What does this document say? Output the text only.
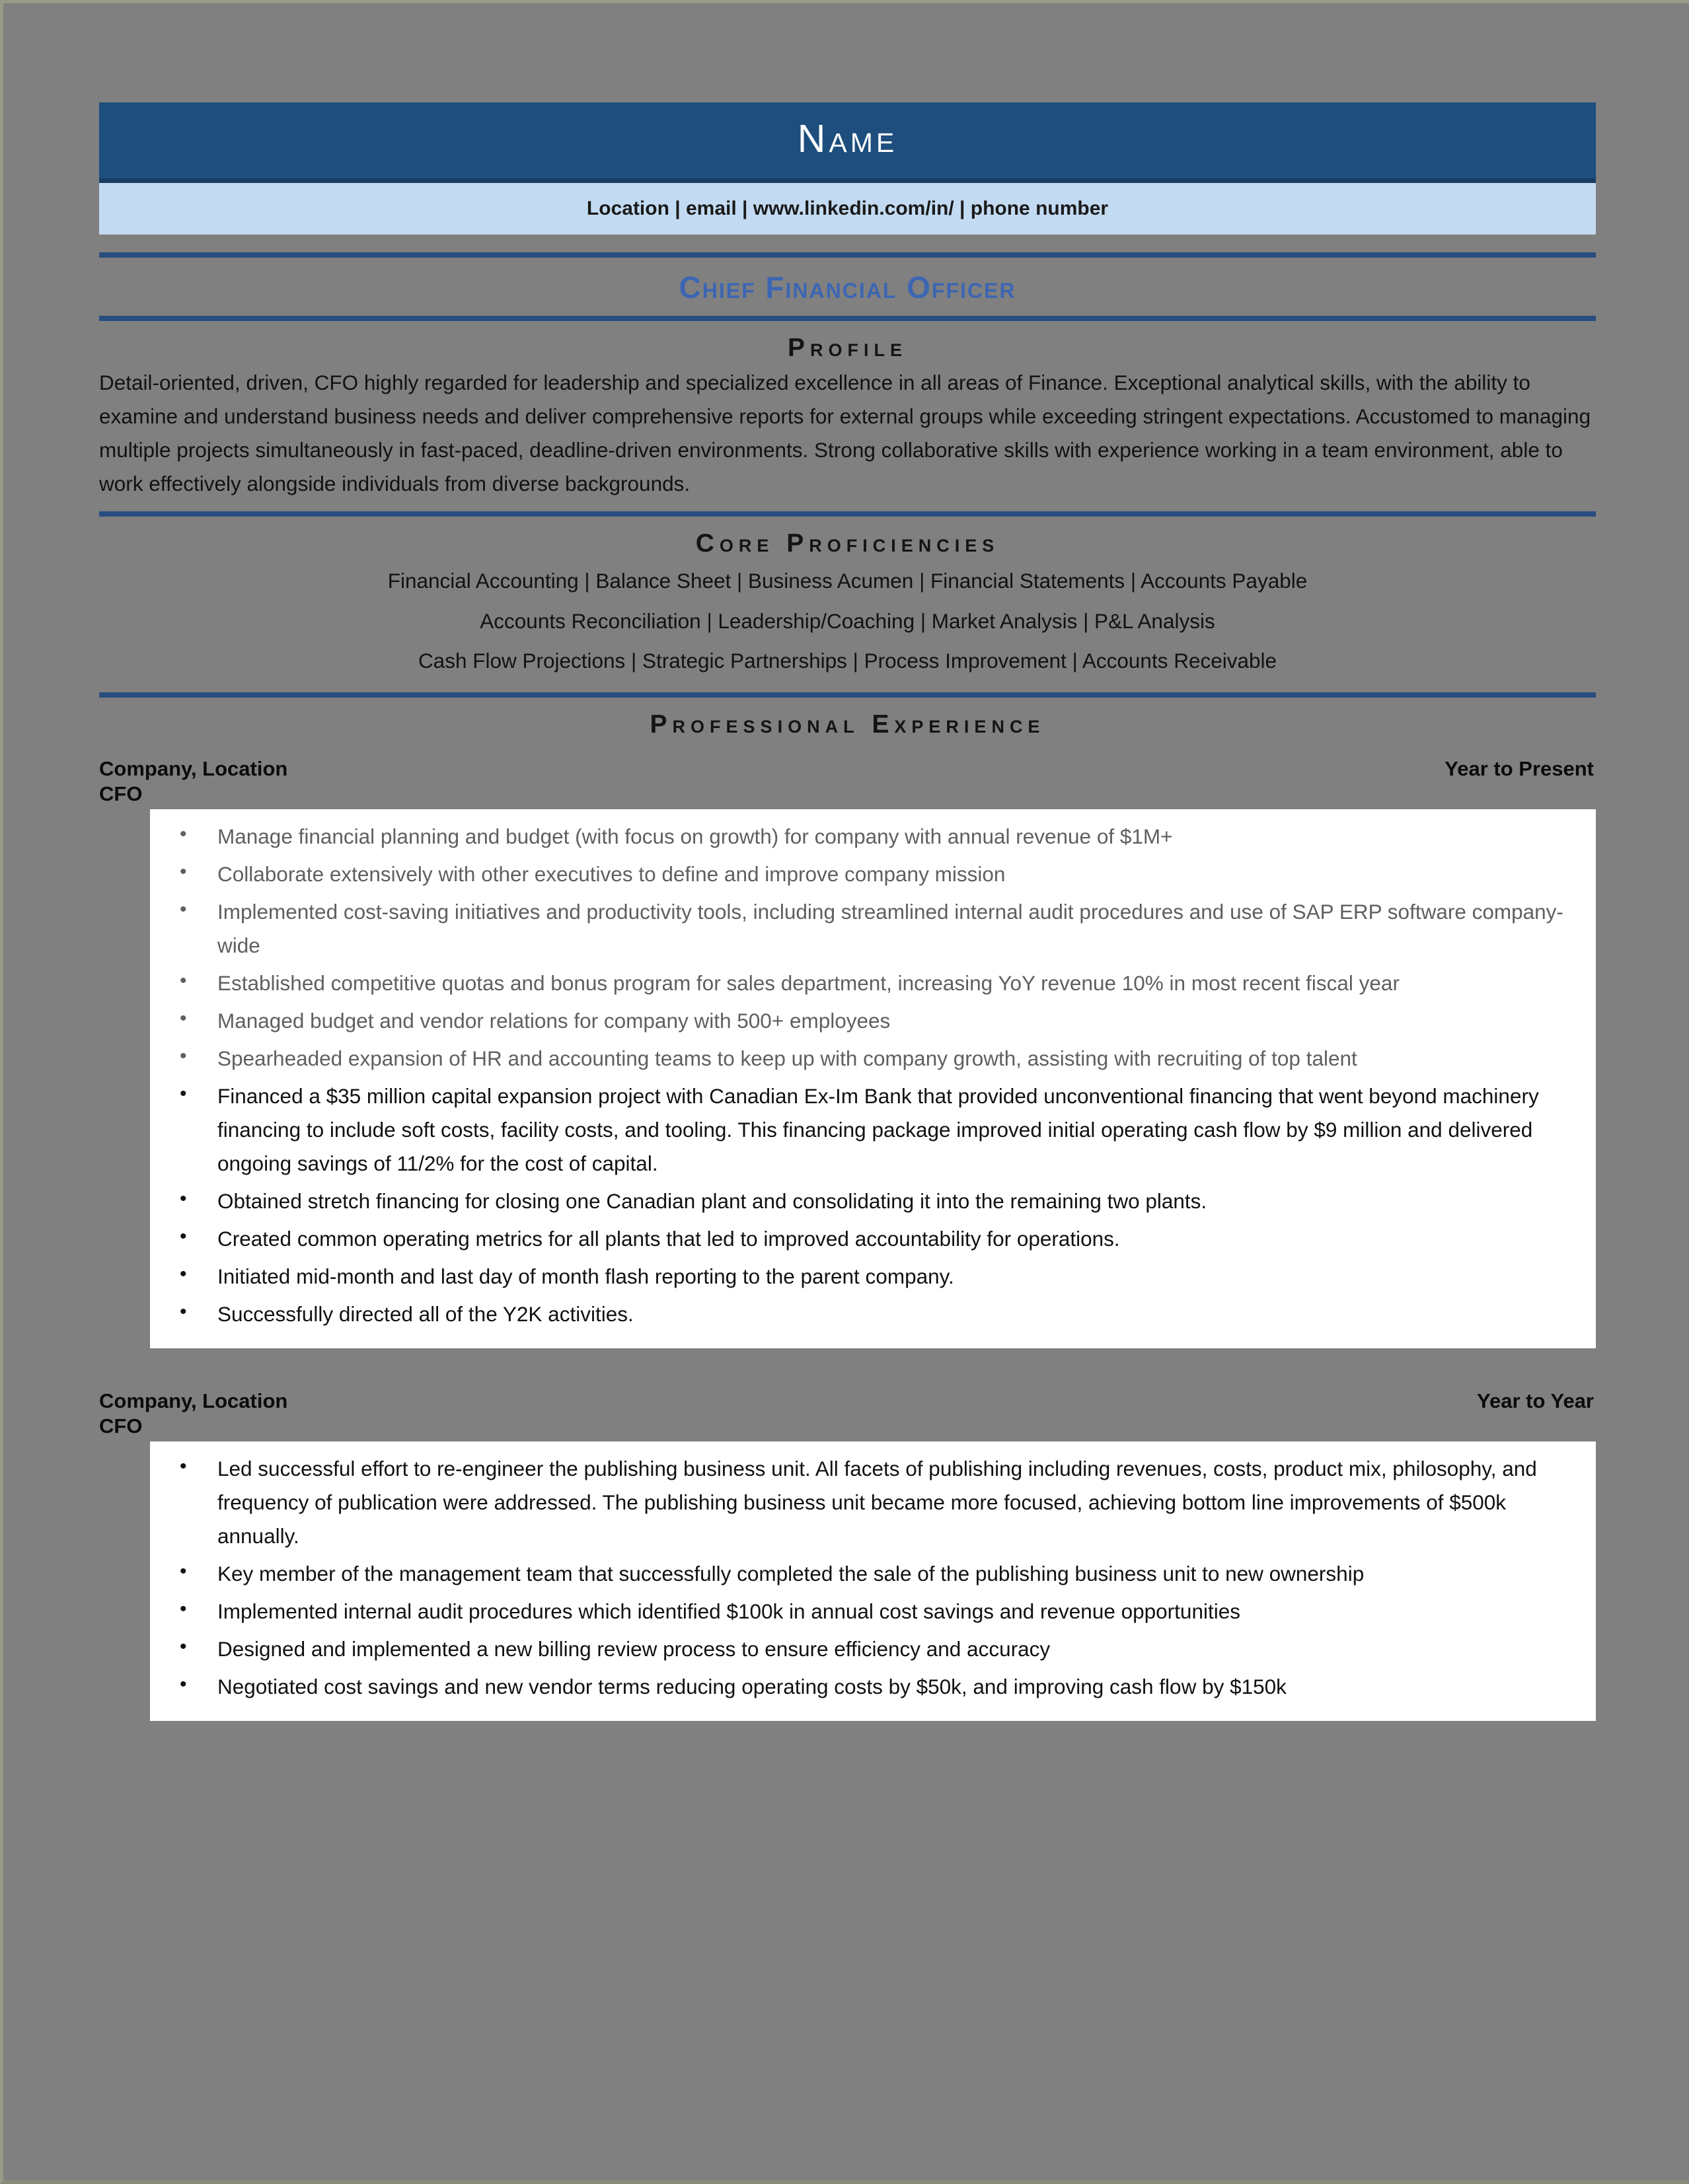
Name
Location | email | www.linkedin.com/in/ | phone number
Chief Financial Officer
Profile
Detail-oriented, driven, CFO highly regarded for leadership and specialized excellence in all areas of Finance. Exceptional analytical skills, with the ability to examine and understand business needs and deliver comprehensive reports for external groups while exceeding stringent expectations. Accustomed to managing multiple projects simultaneously in fast-paced, deadline-driven environments. Strong collaborative skills with experience working in a team environment, able to work effectively alongside individuals from diverse backgrounds.
Core Proficiencies
Financial Accounting | Balance Sheet | Business Acumen | Financial Statements | Accounts Payable
Accounts Reconciliation | Leadership/Coaching | Market Analysis | P&L Analysis
Cash Flow Projections | Strategic Partnerships | Process Improvement | Accounts Receivable
Professional Experience
Company, Location	Year to Present
CFO
• Manage financial planning and budget (with focus on growth) for company with annual revenue of $1M+
• Collaborate extensively with other executives to define and improve company mission
• Implemented cost-saving initiatives and productivity tools, including streamlined internal audit procedures and use of SAP ERP software company-wide
• Established competitive quotas and bonus program for sales department, increasing YoY revenue 10% in most recent fiscal year
• Managed budget and vendor relations for company with 500+ employees
• Spearheaded expansion of HR and accounting teams to keep up with company growth, assisting with recruiting of top talent
• Financed a $35 million capital expansion project with Canadian Ex-Im Bank that provided unconventional financing that went beyond machinery financing to include soft costs, facility costs, and tooling. This financing package improved initial operating cash flow by $9 million and delivered ongoing savings of 11/2% for the cost of capital.
• Obtained stretch financing for closing one Canadian plant and consolidating it into the remaining two plants.
• Created common operating metrics for all plants that led to improved accountability for operations.
• Initiated mid-month and last day of month flash reporting to the parent company.
• Successfully directed all of the Y2K activities.
Company, Location	Year to Year
CFO
• Led successful effort to re-engineer the publishing business unit. All facets of publishing including revenues, costs, product mix, philosophy, and frequency of publication were addressed. The publishing business unit became more focused, achieving bottom line improvements of $500k annually.
• Key member of the management team that successfully completed the sale of the publishing business unit to new ownership
• Implemented internal audit procedures which identified $100k in annual cost savings and revenue opportunities
• Designed and implemented a new billing review process to ensure efficiency and accuracy
• Negotiated cost savings and new vendor terms reducing operating costs by $50k, and improving cash flow by $150k
